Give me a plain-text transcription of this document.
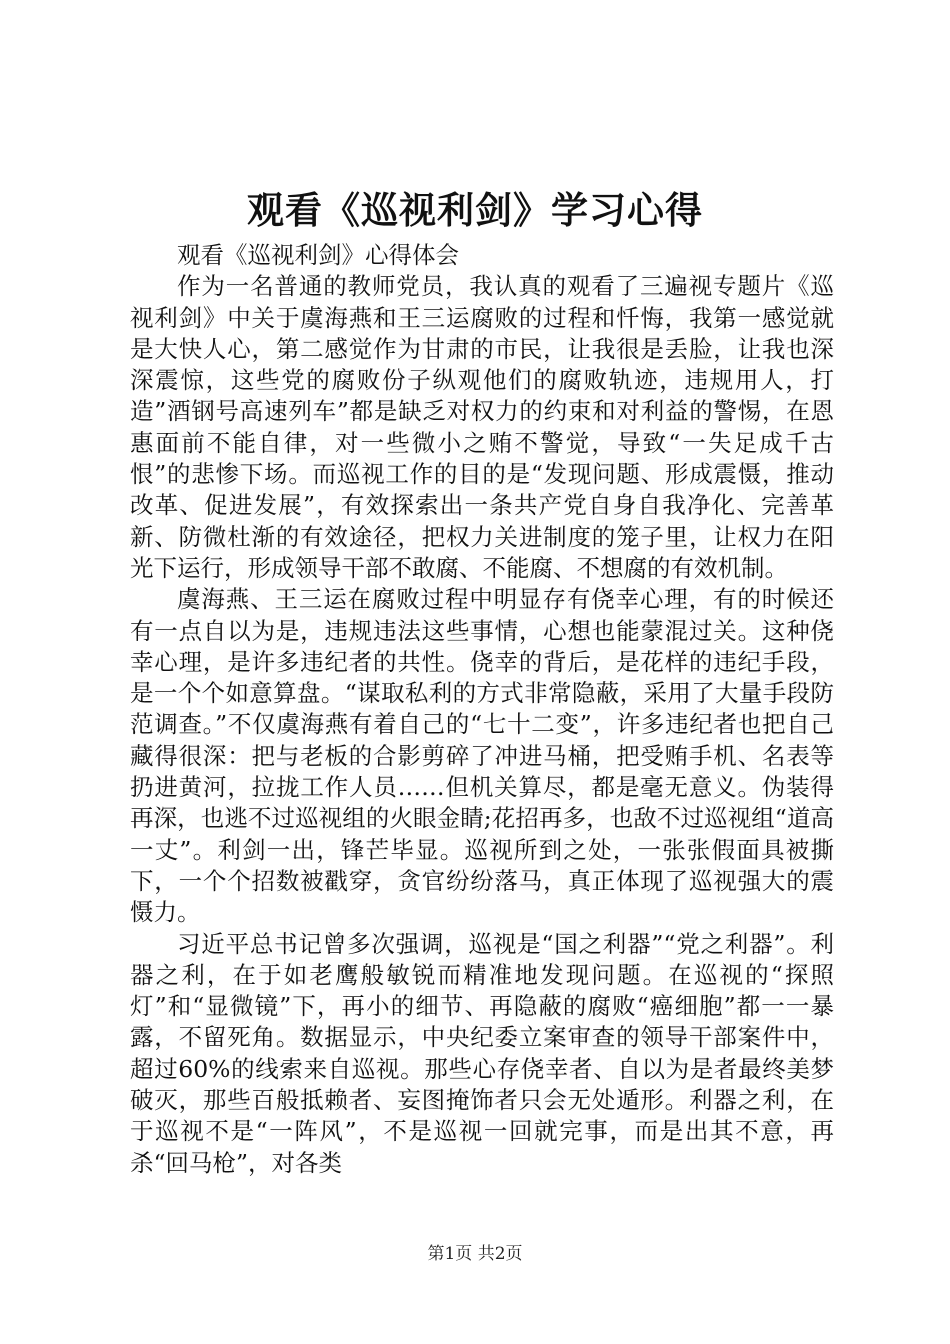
观看《巡视利剑》学习心得

观看《巡视利剑》心得体会

作为一名普通的教师党员，我认真的观看了三遍视专题片《巡视利剑》中关于虞海燕和王三运腐败的过程和忏悔，我第一感觉就是大快人心，第二感觉作为甘肃的市民，让我很是丢脸，让我也深深震惊，这些党的腐败份子纵观他们的腐败轨迹，违规用人，打造”酒钢号高速列车”都是缺乏对权力的约束和对利益的警惕，在恩惠面前不能自律，对一些微小之贿不警觉，导致“一失足成千古恨”的悲惨下场。而巡视工作的目的是“发现问题、形成震慑，推动改革、促进发展”，有效探索出一条共产党自身自我净化、完善革新、防微杜渐的有效途径，把权力关进制度的笼子里，让权力在阳光下运行，形成领导干部不敢腐、不能腐、不想腐的有效机制。

虞海燕、王三运在腐败过程中明显存有侥幸心理，有的时候还有一点自以为是，违规违法这些事情，心想也能蒙混过关。这种侥幸心理，是许多违纪者的共性。侥幸的背后，是花样的违纪手段，是一个个如意算盘。“谋取私利的方式非常隐蔽，采用了大量手段防范调查。”不仅虞海燕有着自己的“七十二变”，许多违纪者也把自己藏得很深：把与老板的合影剪碎了冲进马桶，把受贿手机、名表等扔进黄河，拉拢工作人员……但机关算尽，都是毫无意义。伪装得再深，也逃不过巡视组的火眼金睛;花招再多，也敌不过巡视组“道高一丈”。利剑一出，锋芒毕显。巡视所到之处，一张张假面具被撕下，一个个招数被戳穿，贪官纷纷落马，真正体现了巡视强大的震慑力。

习近平总书记曾多次强调，巡视是“国之利器”“党之利器”。利器之利，在于如老鹰般敏锐而精准地发现问题。在巡视的“探照灯”和“显微镜”下，再小的细节、再隐蔽的腐败“癌细胞”都一一暴露，不留死角。数据显示，中央纪委立案审查的领导干部案件中，超过60%的线索来自巡视。那些心存侥幸者、自以为是者最终美梦破灭，那些百般抵赖者、妄图掩饰者只会无处遁形。利器之利，在于巡视不是“一阵风”，不是巡视一回就完事，而是出其不意，再杀“回马枪”，对各类

第1页 共2页
